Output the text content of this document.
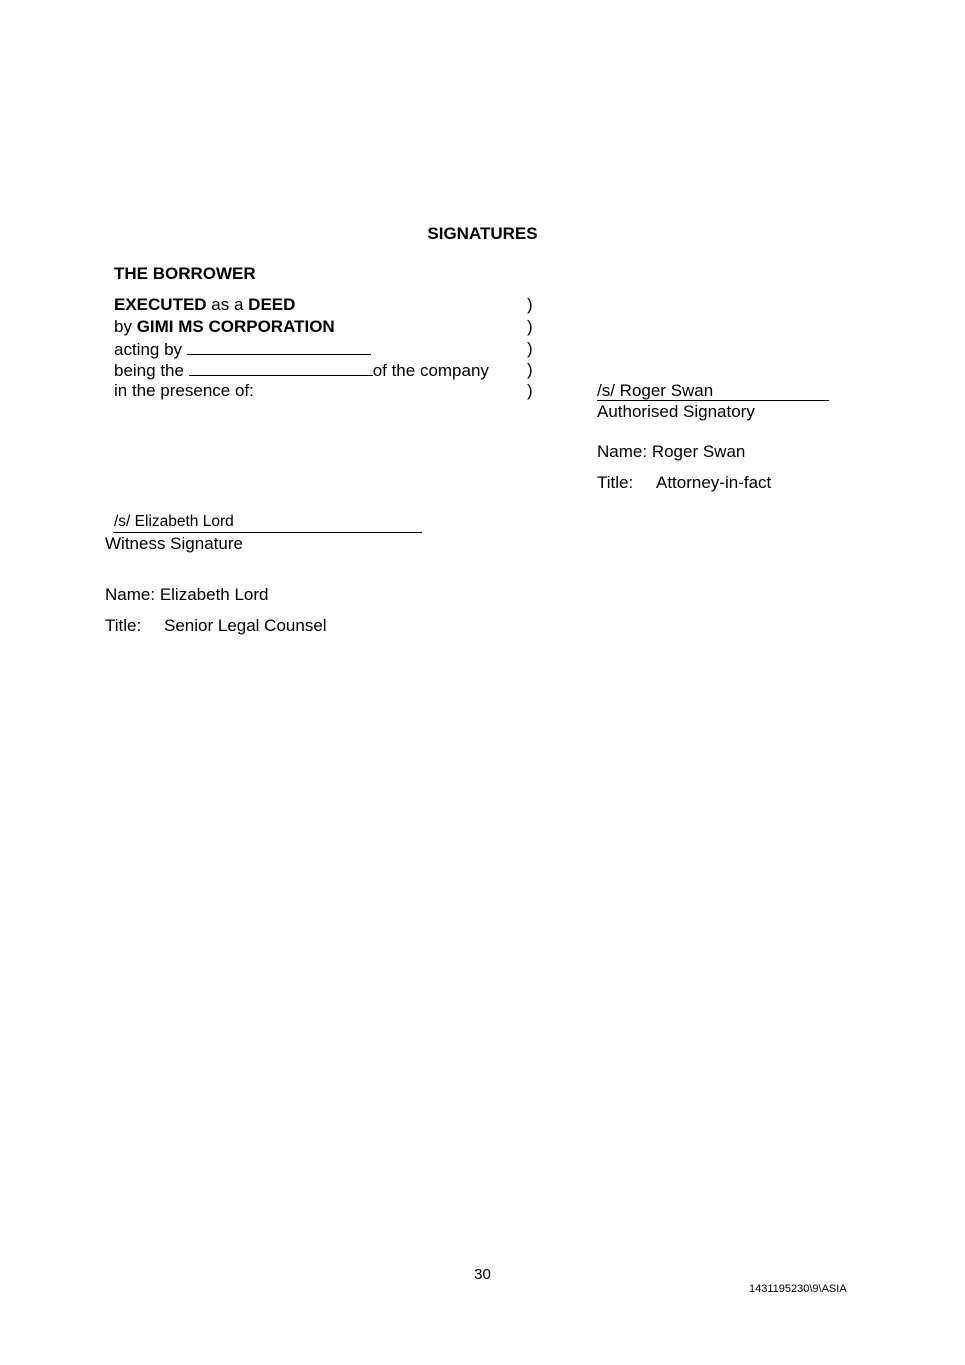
SIGNATURES
THE BORROWER
EXECUTED as a DEED
by GIMI MS CORPORATION
acting by
being the	of the company
in the presence of:
)
)
)
)
)	/s/ Roger Swan
Authorised Signatory
Name: Roger Swan
Title: Attorney-in-fact
/s/ Elizabeth Lord
Witness Signature
Name: Elizabeth Lord
Title: Senior Legal Counsel
30
1431195230\9\ASIA
